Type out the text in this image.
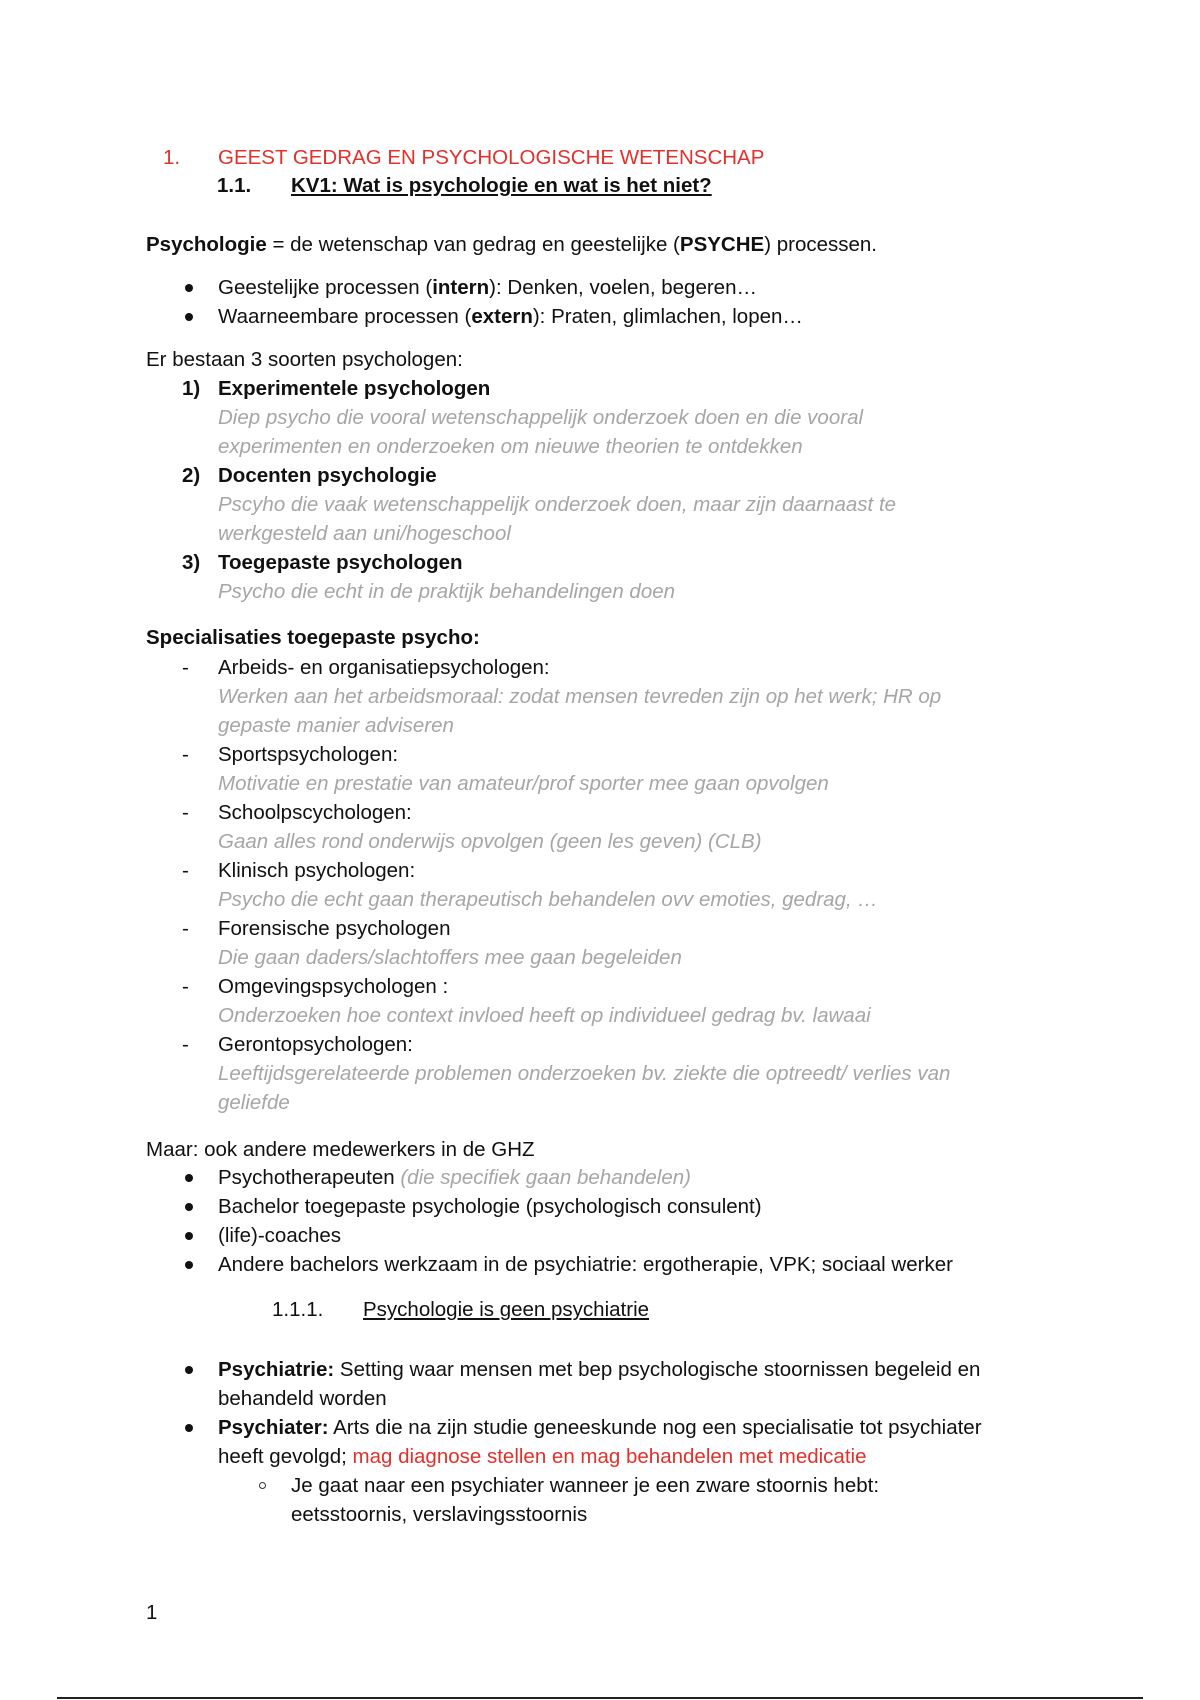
1. GEEST GEDRAG EN PSYCHOLOGISCHE WETENSCHAP
1.1. KV1: Wat is psychologie en wat is het niet?
Psychologie = de wetenschap van gedrag en geestelijke (PSYCHE) processen.
Geestelijke processen (intern): Denken, voelen, begeren…
Waarneembare processen (extern): Praten, glimlachen, lopen…
Er bestaan 3 soorten psychologen:
1) Experimentele psychologen
Diep psycho die vooral wetenschappelijk onderzoek doen en die vooral
experimenten en onderzoeken om nieuwe theorien te ontdekken
2) Docenten psychologie
Pscyho die vaak wetenschappelijk onderzoek doen, maar zijn daarnaast te
werkgesteld aan uni/hogeschool
3) Toegepaste psychologen
Psycho die echt in de praktijk behandelingen doen
Specialisaties toegepaste psycho:
-	Arbeids- en organisatiepsychologen:
Werken aan het arbeidsmoraal: zodat mensen tevreden zijn op het werk; HR op
gepaste manier adviseren
-	Sportspsychologen:
Motivatie en prestatie van amateur/prof sporter mee gaan opvolgen
-	Schoolpscychologen:
Gaan alles rond onderwijs opvolgen (geen les geven) (CLB)
-	Klinisch psychologen:
Psycho die echt gaan therapeutisch behandelen ovv emoties, gedrag, …
-	Forensische psychologen
Die gaan daders/slachtoffers mee gaan begeleiden
-	Omgevingspsychologen :
Onderzoeken hoe context invloed heeft op individueel gedrag bv. lawaai
-	Gerontopsychologen:
Leeftijdsgerelateerde problemen onderzoeken bv. ziekte die optreedt/ verlies van
geliefde
Maar: ook andere medewerkers in de GHZ
Psychotherapeuten (die specifiek gaan behandelen)
Bachelor toegepaste psychologie (psychologisch consulent)
(life)-coaches
Andere bachelors werkzaam in de psychiatrie: ergotherapie, VPK; sociaal werker
1.1.1. Psychologie is geen psychiatrie
Psychiatrie: Setting waar mensen met bep psychologische stoornissen begeleid en
behandeld worden
Psychiater: Arts die na zijn studie geneeskunde nog een specialisatie tot psychiater
heeft gevolgd; mag diagnose stellen en mag behandelen met medicatie
Je gaat naar een psychiater wanneer je een zware stoornis hebt:
eetsstoornis, verslavingsstoornis
1
